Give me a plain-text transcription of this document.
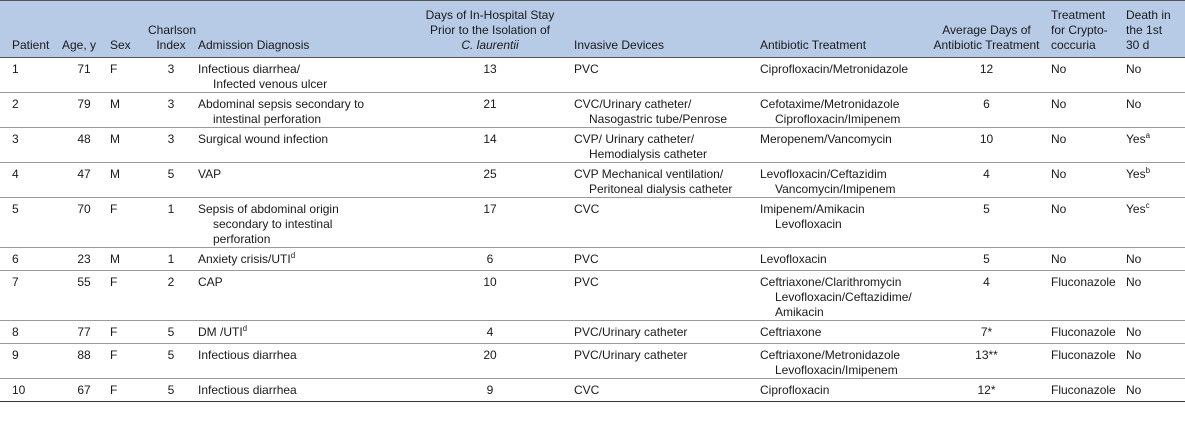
Patient	Age, y	Sex	Charlson
Index	Admission Diagnosis	Days of In-Hospital Stay
Prior to the Isolation of
C. laurentii	Invasive Devices	Antibiotic Treatment	Average Days of
Antibiotic Treatment	Treatment
for Crypto-
coccuria	Death in
the 1st
30 d
1	71	F	3	Infectious diarrhea/
Infected venous ulcer	13	PVC	Ciprofloxacin/Metronidazole	12	No	No
2	79	M	3	Abdominal sepsis secondary to
intestinal perforation	21	CVC/Urinary catheter/
Nasogastric tube/Penrose	Cefotaxime/Metronidazole
Ciprofloxacin/Imipenem	6	No	No
3	48	M	3	Surgical wound infection	14	CVP/ Urinary catheter/
Hemodialysis catheter	Meropenem/Vancomycin	10	No	Yes$^a$
4	47	M	5	VAP	25	CVP Mechanical ventilation/
Peritoneal dialysis catheter	Levofloxacin/Ceftazidim
Vancomycin/Imipenem	4	No	Yes$^b$
5	70	F	1	Sepsis of abdominal origin
secondary to intestinal
perforation	17	CVC	Imipenem/Amikacin
Levofloxacin	5	No	Yes$^c$
6	23	M	1	Anxiety crisis/UTI$^d$	6	PVC	Levofloxacin	5	No	No
7	55	F	2	CAP	10	PVC	Ceftriaxone/Clarithromycin
Levofloxacin/Ceftazidime/
Amikacin	4	Fluconazole	No
8	77	F	5	DM /UTI$^d$	4	PVC/Urinary catheter	Ceftriaxone	7*	Fluconazole	No
9	88	F	5	Infectious diarrhea	20	PVC/Urinary catheter	Ceftriaxone/Metronidazole
Levofloxacin/Imipenem	13**	Fluconazole	No
10	67	F	5	Infectious diarrhea	9	CVC	Ciprofloxacin	12*	Fluconazole	No
